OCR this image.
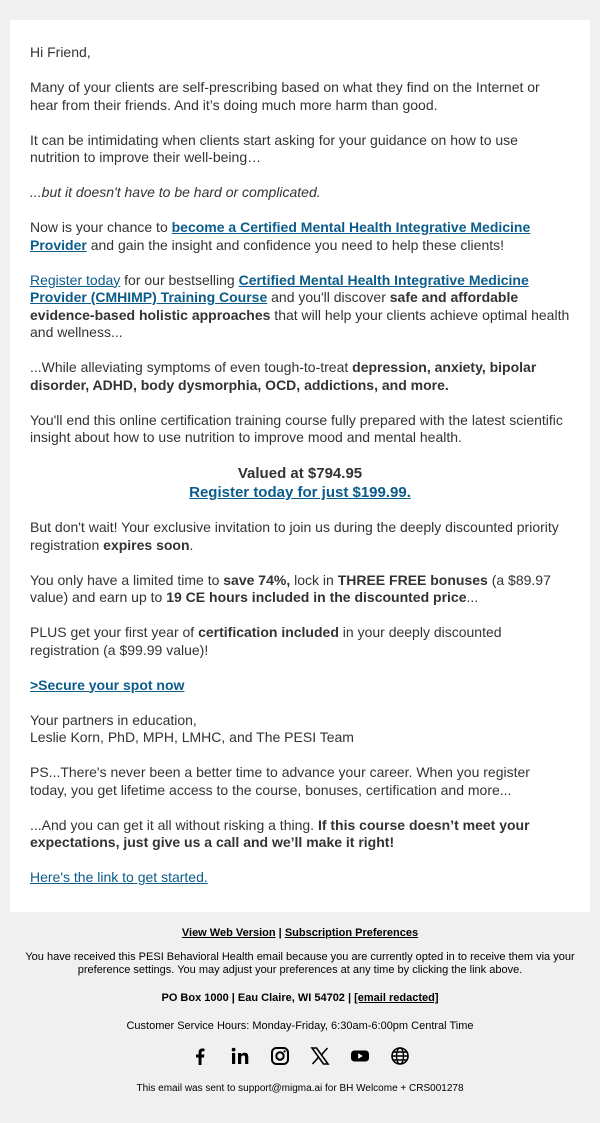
Hi Friend,

Many of your clients are self-prescribing based on what they find on the Internet or hear from their friends. And it’s doing much more harm than good.

It can be intimidating when clients start asking for your guidance on how to use nutrition to improve their well-being…

...but it doesn't have to be hard or complicated.

Now is your chance to become a Certified Mental Health Integrative Medicine Provider and gain the insight and confidence you need to help these clients!

Register today for our bestselling Certified Mental Health Integrative Medicine Provider (CMHIMP) Training Course and you'll discover safe and affordable evidence-based holistic approaches that will help your clients achieve optimal health and wellness...

...While alleviating symptoms of even tough-to-treat depression, anxiety, bipolar disorder, ADHD, body dysmorphia, OCD, addictions, and more.

You'll end this online certification training course fully prepared with the latest scientific insight about how to use nutrition to improve mood and mental health.

Valued at $794.95
Register today for just $199.99.

But don't wait! Your exclusive invitation to join us during the deeply discounted priority registration expires soon.

You only have a limited time to save 74%, lock in THREE FREE bonuses (a $89.97 value) and earn up to 19 CE hours included in the discounted price...

PLUS get your first year of certification included in your deeply discounted registration (a $99.99 value)!

>Secure your spot now

Your partners in education,
Leslie Korn, PhD, MPH, LMHC, and The PESI Team

PS...There's never been a better time to advance your career. When you register today, you get lifetime access to the course, bonuses, certification and more...

...And you can get it all without risking a thing. If this course doesn’t meet your expectations, just give us a call and we’ll make it right!

Here's the link to get started.

View Web Version | Subscription Preferences
You have received this PESI Behavioral Health email because you are currently opted in to receive them via your preference settings. You may adjust your preferences at any time by clicking the link above.
PO Box 1000 | Eau Claire, WI 54702 | [email redacted]
Customer Service Hours: Monday-Friday, 6:30am-6:00pm Central Time
This email was sent to support@migma.ai for BH Welcome + CRS001278
